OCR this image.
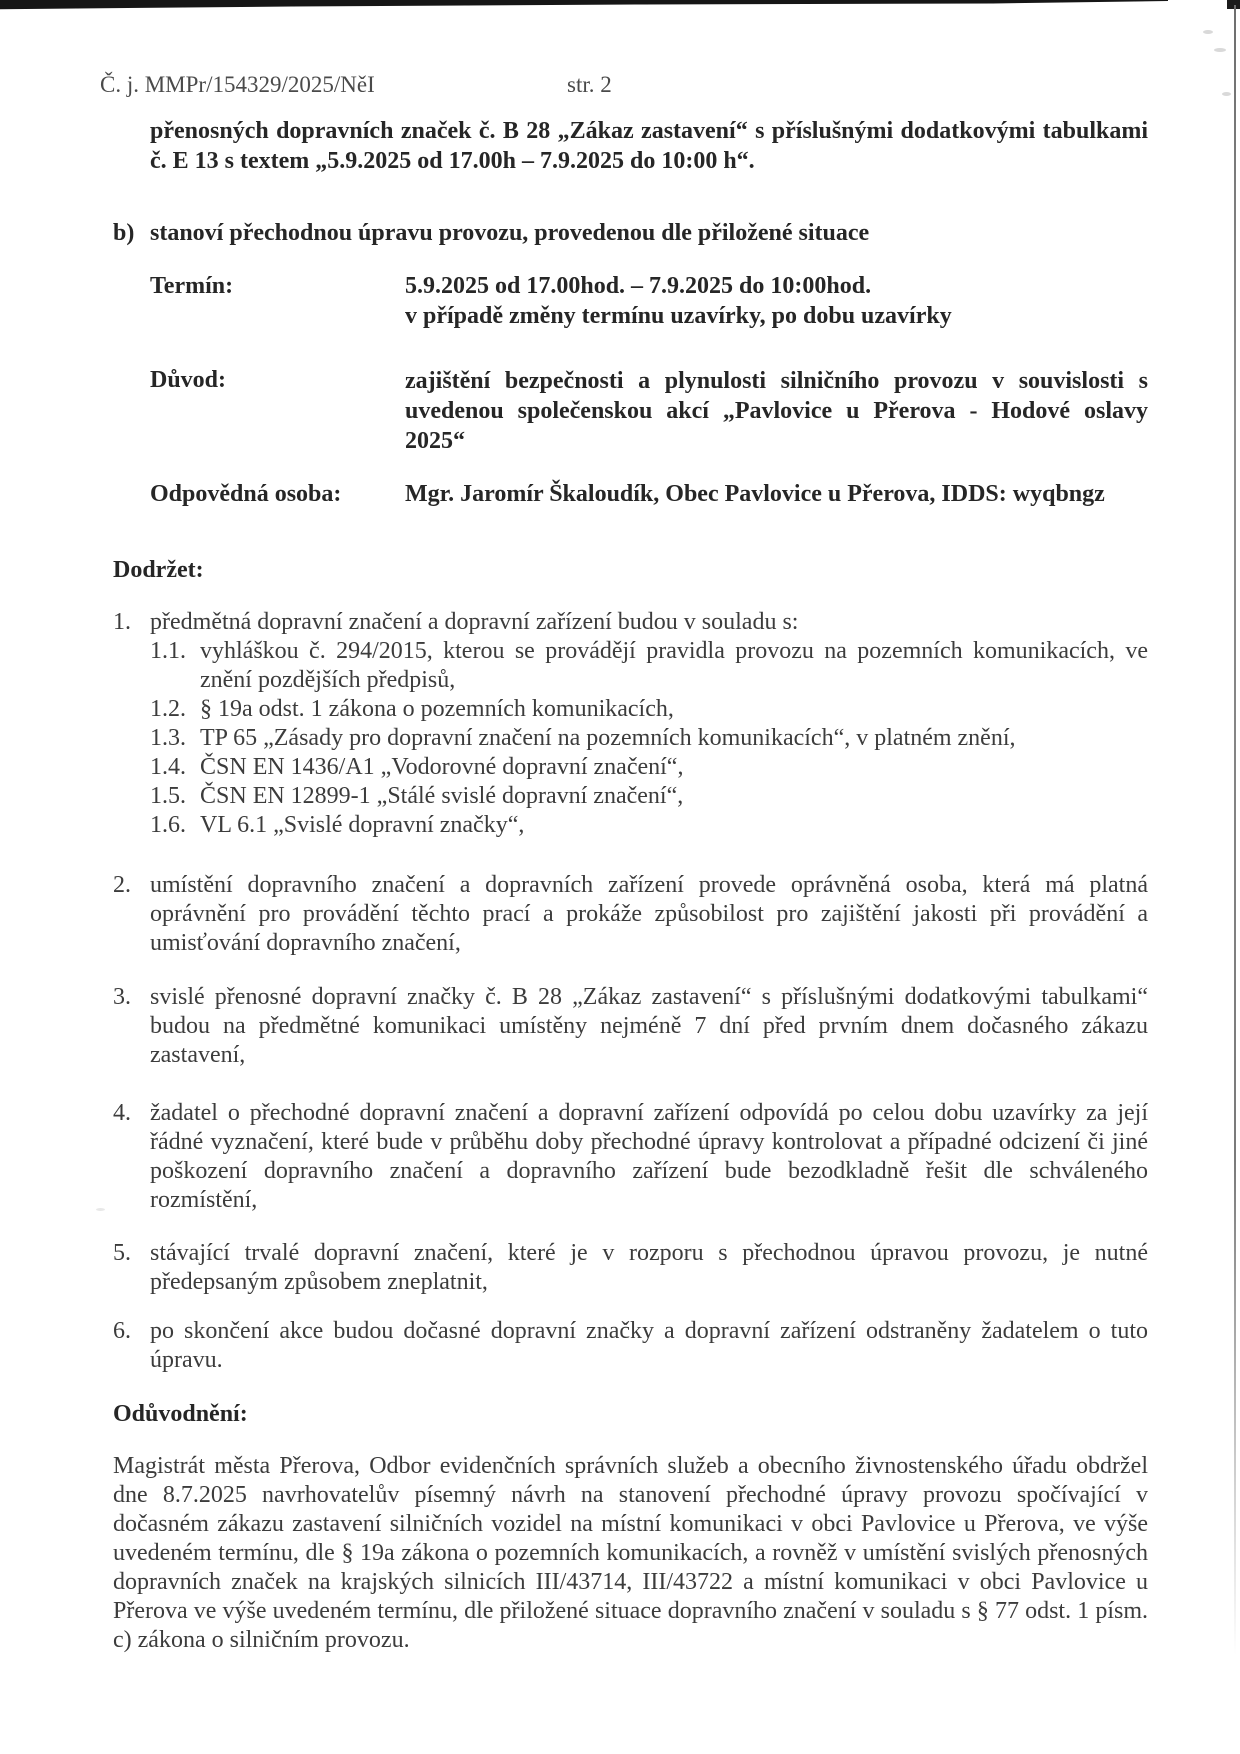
Č. j. MMPr/154329/2025/NěI	str. 2
přenosných dopravních značek č. B 28 „Zákaz zastavení“ s příslušnými dodatkovými tabulkami č. E 13 s textem „5.9.2025 od 17.00h – 7.9.2025 do 10:00 h“.
b) stanoví přechodnou úpravu provozu, provedenou dle přiložené situace
Termín:	5.9.2025 od 17.00hod. – 7.9.2025 do 10:00hod.
v případě změny termínu uzavírky, po dobu uzavírky
Důvod:	zajištění bezpečnosti a plynulosti silničního provozu v souvislosti s uvedenou společenskou akcí „Pavlovice u Přerova - Hodové oslavy 2025“
Odpovědná osoba:	Mgr. Jaromír Škaloudík, Obec Pavlovice u Přerova, IDDS: wyqbngz
Dodržet:
1. předmětná dopravní značení a dopravní zařízení budou v souladu s:
1.1. vyhláškou č. 294/2015, kterou se provádějí pravidla provozu na pozemních komunikacích, ve znění pozdějších předpisů,
1.2. § 19a odst. 1 zákona o pozemních komunikacích,
1.3. TP 65 „Zásady pro dopravní značení na pozemních komunikacích“, v platném znění,
1.4. ČSN EN 1436/A1 „Vodorovné dopravní značení“,
1.5. ČSN EN 12899-1 „Stálé svislé dopravní značení“,
1.6. VL 6.1 „Svislé dopravní značky“,
2. umístění dopravního značení a dopravních zařízení provede oprávněná osoba, která má platná oprávnění pro provádění těchto prací a prokáže způsobilost pro zajištění jakosti při provádění a umisťování dopravního značení,
3. svislé přenosné dopravní značky č. B 28 „Zákaz zastavení“ s příslušnými dodatkovými tabulkami“ budou na předmětné komunikaci umístěny nejméně 7 dní před prvním dnem dočasného zákazu zastavení,
4. žadatel o přechodné dopravní značení a dopravní zařízení odpovídá po celou dobu uzavírky za její řádné vyznačení, které bude v průběhu doby přechodné úpravy kontrolovat a případné odcizení či jiné poškození dopravního značení a dopravního zařízení bude bezodkladně řešit dle schváleného rozmístění,
5. stávající trvalé dopravní značení, které je v rozporu s přechodnou úpravou provozu, je nutné předepsaným způsobem zneplatnit,
6. po skončení akce budou dočasné dopravní značky a dopravní zařízení odstraněny žadatelem o tuto úpravu.
Odůvodnění:
Magistrát města Přerova, Odbor evidenčních správních služeb a obecního živnostenského úřadu obdržel dne 8.7.2025 navrhovatelův písemný návrh na stanovení přechodné úpravy provozu spočívající v dočasném zákazu zastavení silničních vozidel na místní komunikaci v obci Pavlovice u Přerova, ve výše uvedeném termínu, dle § 19a zákona o pozemních komunikacích, a rovněž v umístění svislých přenosných dopravních značek na krajských silnicích III/43714, III/43722 a místní komunikaci v obci Pavlovice u Přerova ve výše uvedeném termínu, dle přiložené situace dopravního značení v souladu s § 77 odst. 1 písm. c) zákona o silničním provozu.
